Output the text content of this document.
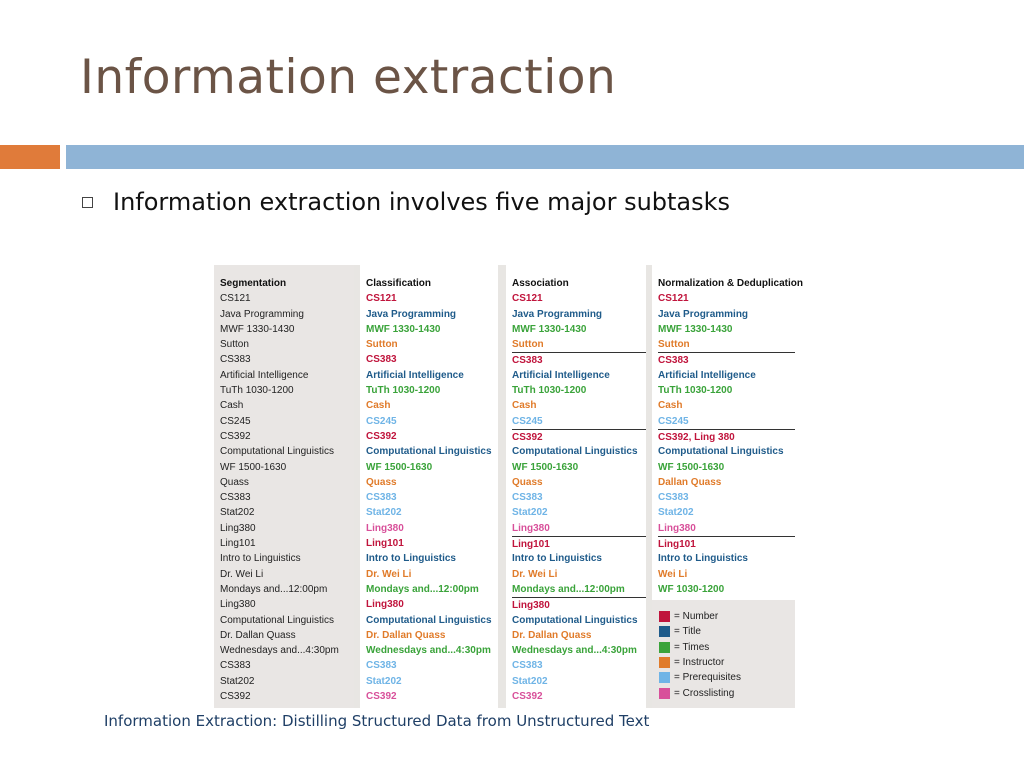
Information extraction
Information extraction involves five major subtasks
Segmentation
CS121
Java Programming
MWF 1330-1430
Sutton
CS383
Artificial Intelligence
TuTh 1030-1200
Cash
CS245
CS392
Computational Linguistics
WF 1500-1630
Quass
CS383
Stat202
Ling380
Ling101
Intro to Linguistics
Dr. Wei Li
Mondays and...12:00pm
Ling380
Computational Linguistics
Dr. Dallan Quass
Wednesdays and...4:30pm
CS383
Stat202
CS392
Classification
CS121
Java Programming
MWF 1330-1430
Sutton
CS383
Artificial Intelligence
TuTh 1030-1200
Cash
CS245
CS392
Computational Linguistics
WF 1500-1630
Quass
CS383
Stat202
Ling380
Ling101
Intro to Linguistics
Dr. Wei Li
Mondays and...12:00pm
Ling380
Computational Linguistics
Dr. Dallan Quass
Wednesdays and...4:30pm
CS383
Stat202
CS392
Association
CS121
Java Programming
MWF 1330-1430
Sutton
CS383
Artificial Intelligence
TuTh 1030-1200
Cash
CS245
CS392
Computational Linguistics
WF 1500-1630
Quass
CS383
Stat202
Ling380
Ling101
Intro to Linguistics
Dr. Wei Li
Mondays and...12:00pm
Ling380
Computational Linguistics
Dr. Dallan Quass
Wednesdays and...4:30pm
CS383
Stat202
CS392
Normalization & Deduplication
CS121
Java Programming
MWF 1330-1430
Sutton
CS383
Artificial Intelligence
TuTh 1030-1200
Cash
CS245
CS392, Ling 380
Computational Linguistics
WF 1500-1630
Dallan Quass
CS383
Stat202
Ling380
Ling101
Intro to Linguistics
Wei Li
WF 1030-1200
= Number
= Title
= Times
= Instructor
= Prerequisites
= Crosslisting
Information Extraction: Distilling Structured Data from Unstructured Text
